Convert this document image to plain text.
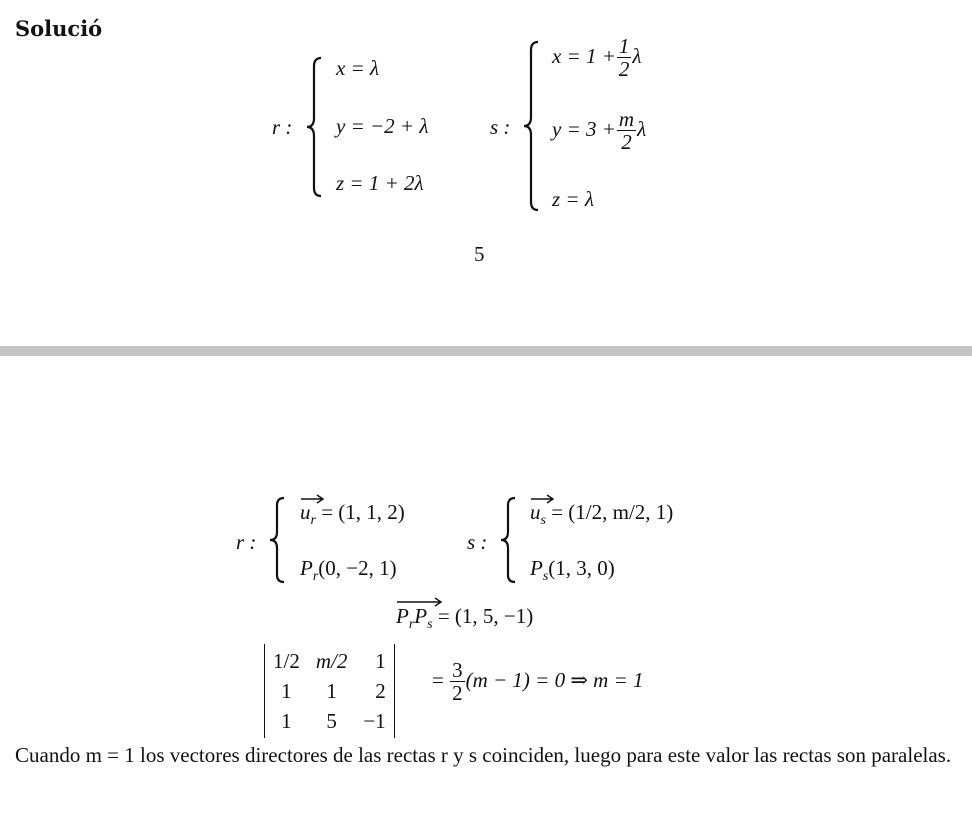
Solució
r :
x = λ
y = −2 + λ
z = 1 + 2λ
s :
$x = 1 + \frac{1}{2}$ λ
$y = 3 + \frac{m}{2}$ λ
z = λ
5
r :
$u_r = (1$, 1, 2)
$P_r(0$, −2, 1)
s :
$u_s = (1/2$, m/2, 1)
$P_s(1$, 3, 0)
$P_rP_s = (1$, 5, −1)
1/2	m/2	1
1	1	2
1	5	−1
= $\frac{3}{2} (m - 1) = 0$ ⇒ m = 1
Cuando m = 1 los vectores directores de las rectas r y s coinciden, luego para este valor las rectas son paralelas.
